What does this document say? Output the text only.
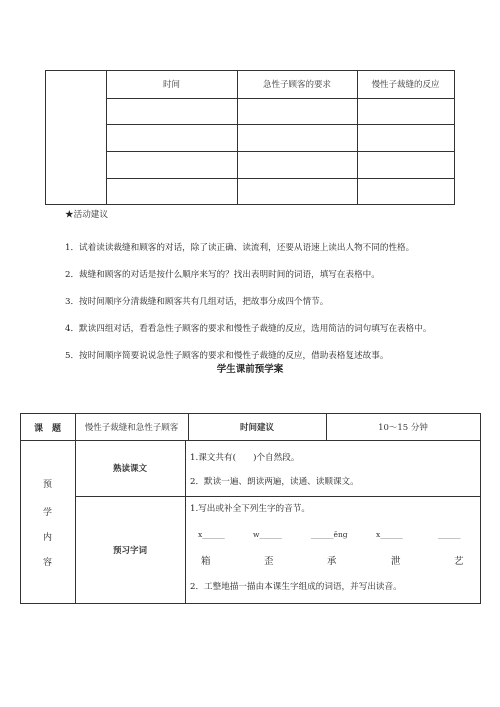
时间	急性子顾客的要求	慢性子裁缝的反应
★活动建议
1．试着读读裁缝和顾客的对话，除了读正确、读流利，还要从语速上读出人物不同的性格。
2．裁缝和顾客的对话是按什么顺序来写的？找出表明时间的词语，填写在表格中。
3．按时间顺序分清裁缝和顾客共有几组对话，把故事分成四个情节。
4．默读四组对话，看看急性子顾客的要求和慢性子裁缝的反应，选用简洁的词句填写在表格中。
5．按时间顺序简要说说急性子顾客的要求和慢性子裁缝的反应，借助表格复述故事。
学生课前预学案
课　题	慢性子裁缝和急性子顾客	时间建议	10～15 分钟
预
学
内
容
熟读课文
1.课文共有(　　)个自然段。
2．默读一遍、朗读两遍，读通、读顺课文。
预习字词
1.写出或补全下列生字的音节。
x______	w______	______ěng	x______	______
箱	歪	承	泄	艺
2．工整地描一描由本课生字组成的词语，并写出读音。
